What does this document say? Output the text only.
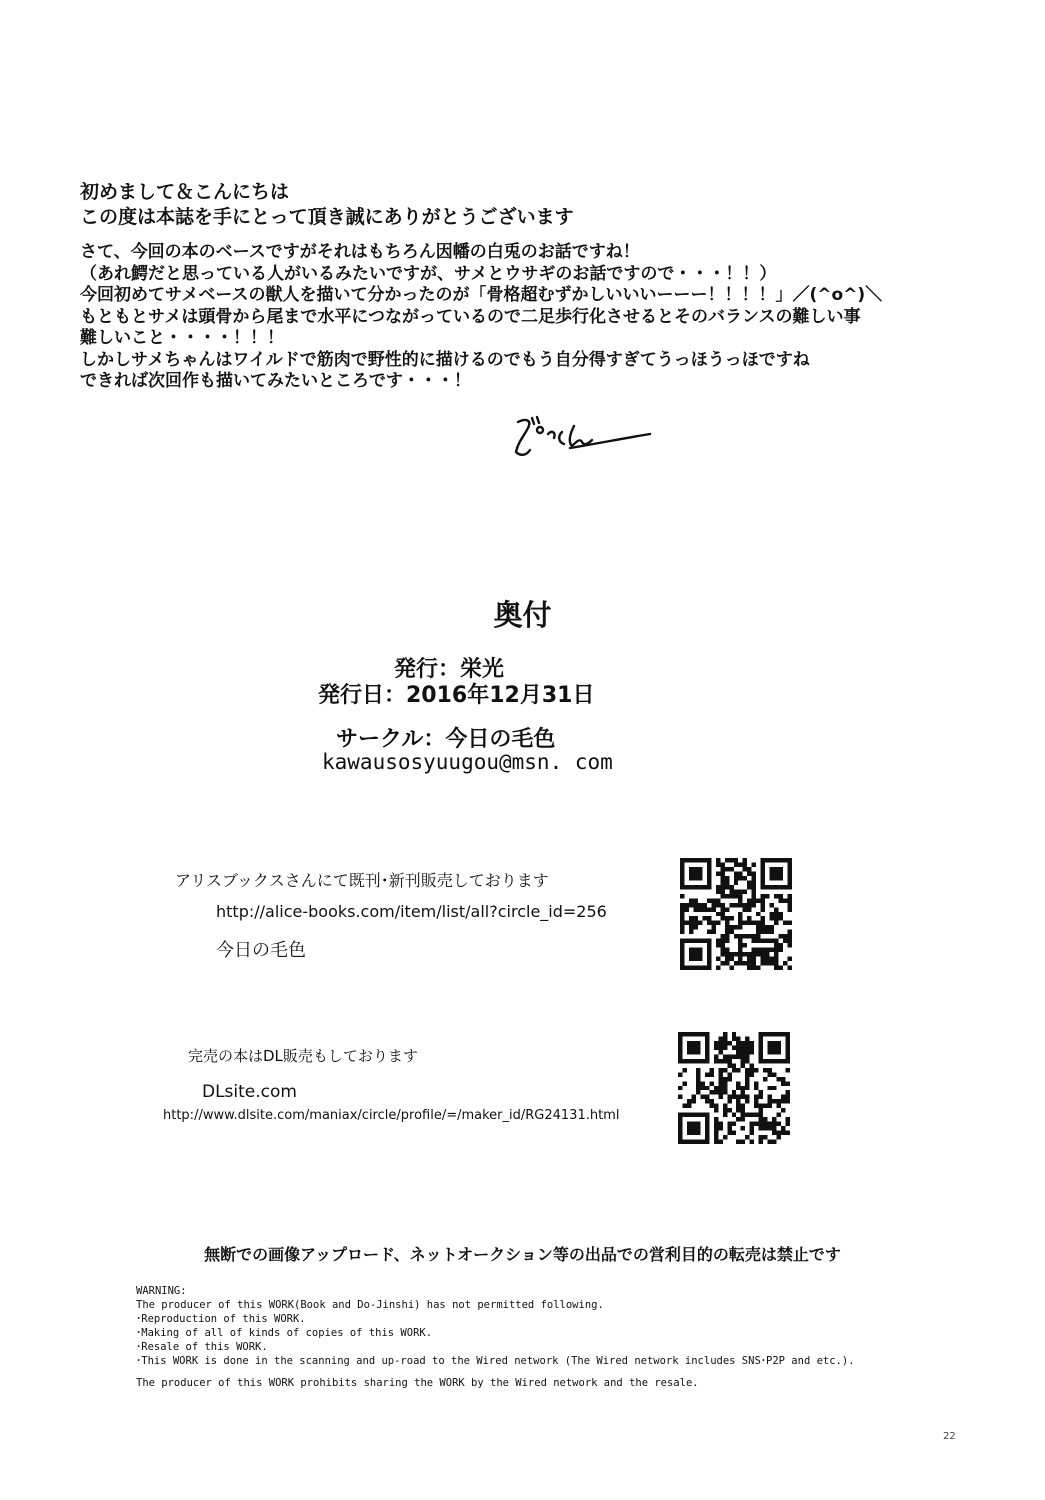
初めまして＆こんにちは
この度は本誌を手にとって頂き誠にありがとうございます
さて、今回の本のベースですがそれはもちろん因幡の白兎のお話ですね！
（あれ鰐だと思っている人がいるみたいですが、サメとウサギのお話ですので・・・！！）
今回初めてサメベースの獣人を描いて分かったのが「骨格超むずかしいいいーーー！！！！」／(^o^)＼
もともとサメは頭骨から尾まで水平につながっているので二足歩行化させるとそのバランスの難しい事
難しいこと・・・・！！！
しかしサメちゃんはワイルドで筋肉で野性的に描けるのでもう自分得すぎてうっほうっほですね
できれば次回作も描いてみたいところです・・・！
奥付
発行：栄光
発行日：2016年12月31日
サークル：今日の毛色
kawausosyuugou@msn. com
アリスブックスさんにて既刊･新刊販売しております
http://alice-books.com/item/list/all?circle_id=256
今日の毛色
完売の本はDL販売もしております
DLsite.com
http://www.dlsite.com/maniax/circle/profile/=/maker_id/RG24131.html
無断での画像アップロード、ネットオークション等の出品での営利目的の転売は禁止です
WARNING:
The producer of this WORK(Book and Do-Jinshi) has not permitted following.
･Reproduction of this WORK.
･Making of all of kinds of copies of this WORK.
･Resale of this WORK.
･This WORK is done in the scanning and up-road to the Wired network (The Wired network includes SNS･P2P and etc.).
The producer of this WORK prohibits sharing the WORK by the Wired network and the resale.
22
